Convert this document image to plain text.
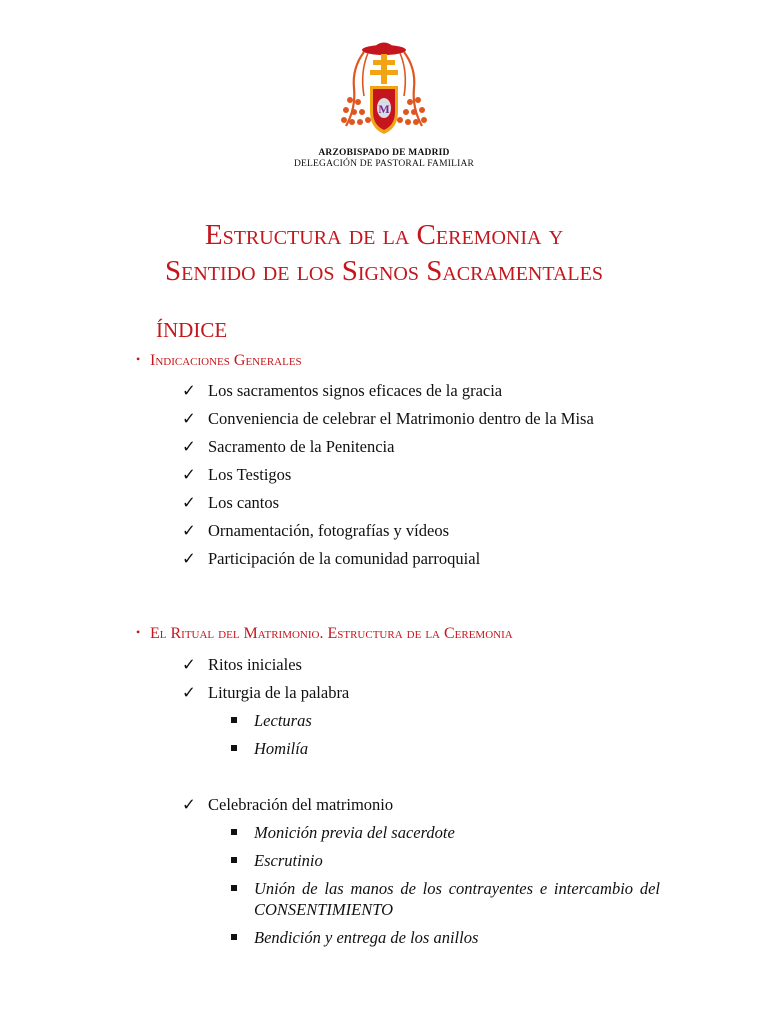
M
ARZOBISPADO DE MADRID
DELEGACIÓN DE PASTORAL FAMILIAR
Estructura de la Ceremonia y
Sentido de los Signos Sacramentales
ÍNDICE
• Indicaciones Generales
✓ Los sacramentos signos eficaces de la gracia
✓ Conveniencia de celebrar el Matrimonio dentro de la Misa
✓ Sacramento de la Penitencia
✓ Los Testigos
✓ Los cantos
✓ Ornamentación, fotografías y vídeos
✓ Participación de la comunidad parroquial
• El Ritual del Matrimonio. Estructura de la Ceremonia
✓ Ritos iniciales
✓ Liturgia de la palabra
Lecturas
Homilía
✓ Celebración del matrimonio
Monición previa del sacerdote
Escrutinio
Unión de las manos de los contrayentes e intercambio del CONSENTIMIENTO
Bendición y entrega de los anillos
